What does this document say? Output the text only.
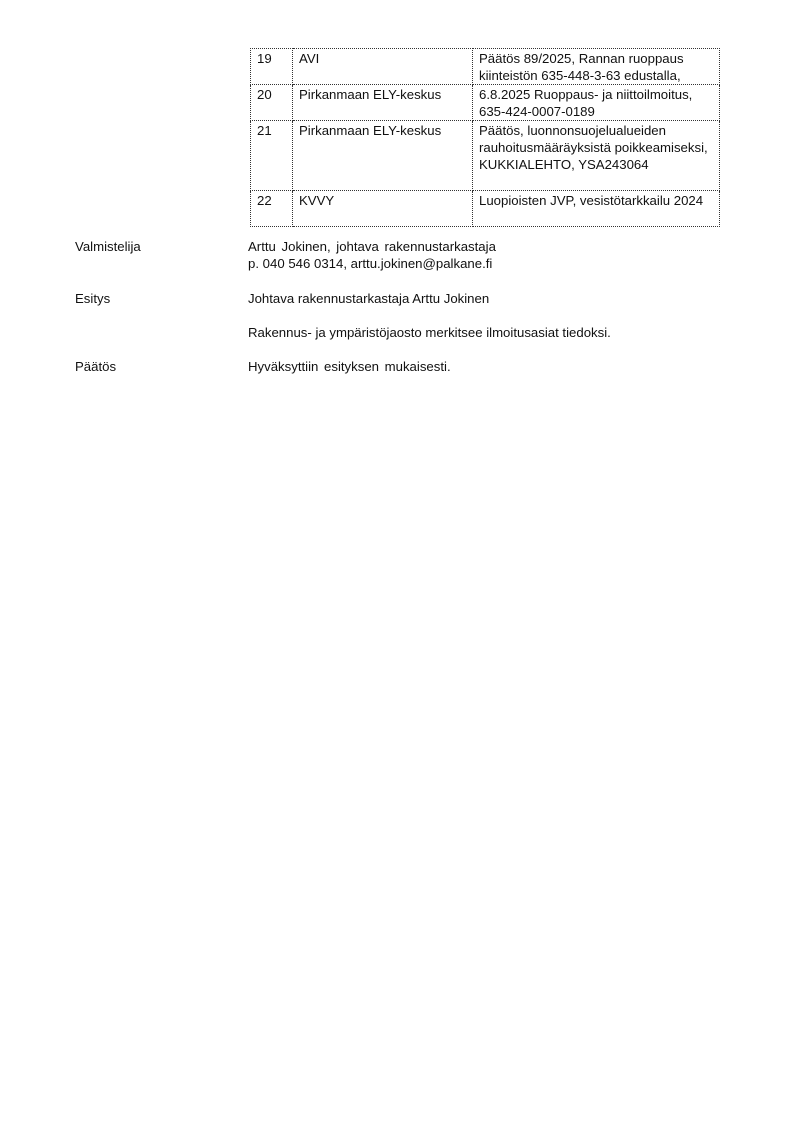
19	AVI	Päätös 89/2025, Rannan ruoppaus kiinteistön 635-448-3-63 edustalla,

20	Pirkanmaan ELY-keskus	6.8.2025 Ruoppaus- ja niittoilmoitus, 635-424-0007-0189

21	Pirkanmaan ELY-keskus	Päätös, luonnonsuojelualueiden rauhoitusmääräyksistä poikkeamiseksi, KUKKIALEHTO, YSA243064

22	KVVY	Luopioisten JVP, vesistötarkkailu 2024
Valmistelija	Arttu Jokinen, johtava rakennustarkastaja
p. 040 546 0314, arttu.jokinen@palkane.fi
Esitys	Johtava rakennustarkastaja Arttu Jokinen
Rakennus- ja ympäristöjaosto merkitsee ilmoitusasiat tiedoksi.
Päätös	Hyväksyttiin esityksen mukaisesti.
